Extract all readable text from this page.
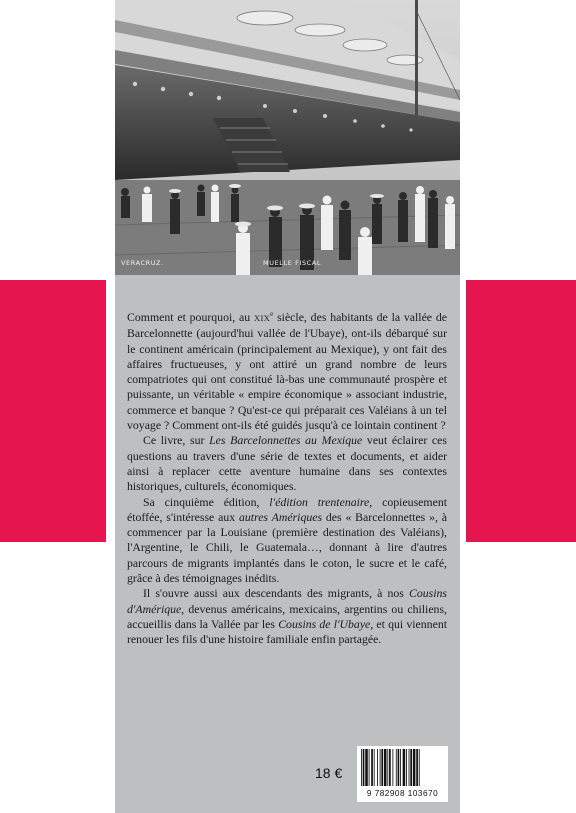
VERACRUZ.	MUELLE FISCAL

Comment et pourquoi, au XIXe siècle, des habitants de la vallée de Barcelonnette (aujourd'hui vallée de l'Ubaye), ont-ils débarqué sur le continent américain (principalement au Mexique), y ont fait des affaires fructueuses, y ont attiré un grand nombre de leurs compatriotes qui ont constitué là-bas une communauté prospère et puissante, un véritable « empire économique » associant industrie, commerce et banque ? Qu'est-ce qui préparait ces Valéians à un tel voyage ? Comment ont-ils été guidés jusqu'à ce lointain continent ?

Ce livre, sur Les Barcelonnettes au Mexique veut éclairer ces questions au travers d'une série de textes et documents, et aider ainsi à replacer cette aventure humaine dans ses contextes historiques, culturels, économiques.

Sa cinquième édition, l'édition trentenaire, copieusement étoffée, s'intéresse aux autres Amériques des « Barcelonnettes », à commencer par la Louisiane (première destination des Valéians), l'Argentine, le Chili, le Guatemala…, donnant à lire d'autres parcours de migrants implantés dans le coton, le sucre et le café, grâce à des témoignages inédits.

Il s'ouvre aussi aux descendants des migrants, à nos Cousins d'Amérique, devenus américains, mexicains, argentins ou chiliens, accueillis dans la Vallée par les Cousins de l'Ubaye, et qui viennent renouer les fils d'une histoire familiale enfin partagée.

18 €
9 782908 103670
